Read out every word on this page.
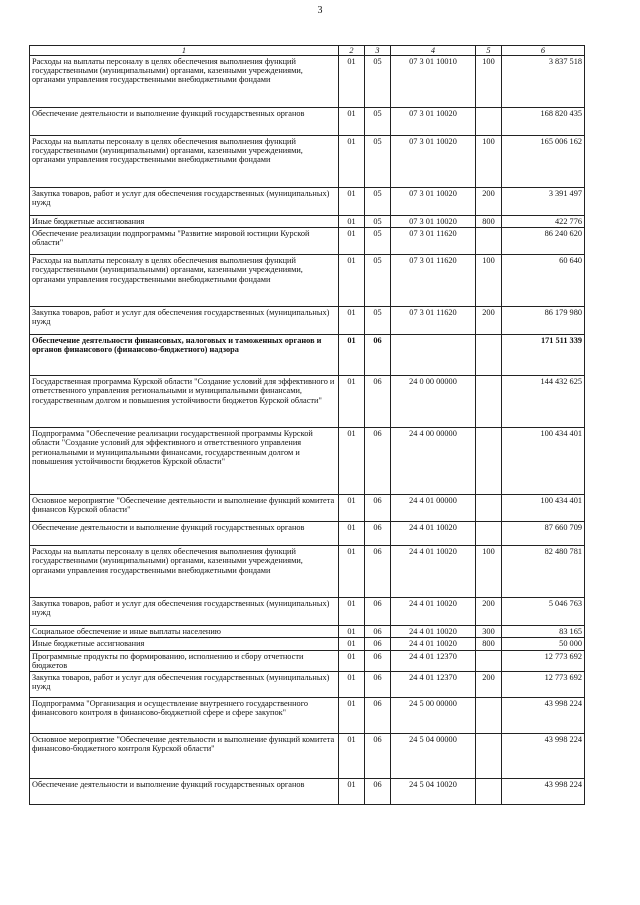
3
1	2	3	4	5	6
Расходы на выплаты персоналу в целях обеспечения выполнения функций государственными (муниципальными) органами, казенными учреждениями, органами управления государственными внебюджетными фондами	01	05	07 3 01 10010	100	3 837 518
Обеспечение деятельности и выполнение функций государственных органов	01	05	07 3 01 10020		168 820 435
Расходы на выплаты персоналу в целях обеспечения выполнения функций государственными (муниципальными) органами, казенными учреждениями, органами управления государственными внебюджетными фондами	01	05	07 3 01 10020	100	165 006 162
Закупка товаров, работ и услуг для обеспечения государственных (муниципальных) нужд	01	05	07 3 01 10020	200	3 391 497
Иные бюджетные ассигнования	01	05	07 3 01 10020	800	422 776
Обеспечение реализации подпрограммы "Развитие мировой юстиции Курской области"	01	05	07 3 01 11620		86 240 620
Расходы на выплаты персоналу в целях обеспечения выполнения функций государственными (муниципальными) органами, казенными учреждениями, органами управления государственными внебюджетными фондами	01	05	07 3 01 11620	100	60 640
Закупка товаров, работ и услуг для обеспечения государственных (муниципальных) нужд	01	05	07 3 01 11620	200	86 179 980
Обеспечение деятельности финансовых, налоговых и таможенных органов и органов финансового (финансово-бюджетного) надзора	01	06			171 511 339
Государственная программа Курской области "Создание условий для эффективного и ответственного управления региональными и муниципальными финансами, государственным долгом и повышения устойчивости бюджетов Курской области"	01	06	24 0 00 00000		144 432 625
Подпрограмма "Обеспечение реализации государственной программы Курской области "Создание условий для эффективного и ответственного управления региональными и муниципальными финансами, государственным долгом и повышения устойчивости бюджетов Курской области"	01	06	24 4 00 00000		100 434 401
Основное мероприятие "Обеспечение деятельности и выполнение функций комитета финансов Курской области"	01	06	24 4 01 00000		100 434 401
Обеспечение деятельности и выполнение функций государственных органов	01	06	24 4 01 10020		87 660 709
Расходы на выплаты персоналу в целях обеспечения выполнения функций государственными (муниципальными) органами, казенными учреждениями, органами управления государственными внебюджетными фондами	01	06	24 4 01 10020	100	82 480 781
Закупка товаров, работ и услуг для обеспечения государственных (муниципальных) нужд	01	06	24 4 01 10020	200	5 046 763
Социальное обеспечение и иные выплаты населению	01	06	24 4 01 10020	300	83 165
Иные бюджетные ассигнования	01	06	24 4 01 10020	800	50 000
Программные продукты по формированию, исполнению и сбору отчетности бюджетов	01	06	24 4 01 12370		12 773 692
Закупка товаров, работ и услуг для обеспечения государственных (муниципальных) нужд	01	06	24 4 01 12370	200	12 773 692
Подпрограмма "Организация и осуществление внутреннего государственного финансового контроля в финансово-бюджетной сфере и сфере закупок"	01	06	24 5 00 00000		43 998 224
Основное мероприятие "Обеспечение деятельности и выполнение функций комитета финансово-бюджетного контроля Курской области"	01	06	24 5 04 00000		43 998 224
Обеспечение деятельности и выполнение функций государственных органов	01	06	24 5 04 10020		43 998 224
